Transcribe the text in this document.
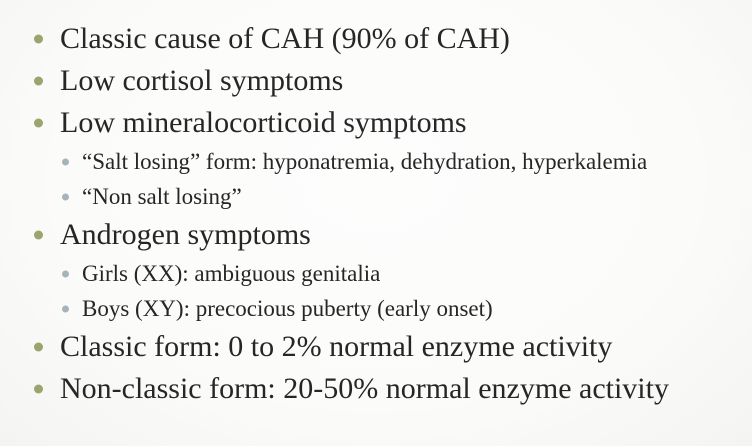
Classic cause of CAH (90% of CAH)
Low cortisol symptoms
Low mineralocorticoid symptoms
“Salt losing” form: hyponatremia, dehydration, hyperkalemia
“Non salt losing”
Androgen symptoms
Girls (XX): ambiguous genitalia
Boys (XY): precocious puberty (early onset)
Classic form: 0 to 2% normal enzyme activity
Non-classic form: 20-50% normal enzyme activity
